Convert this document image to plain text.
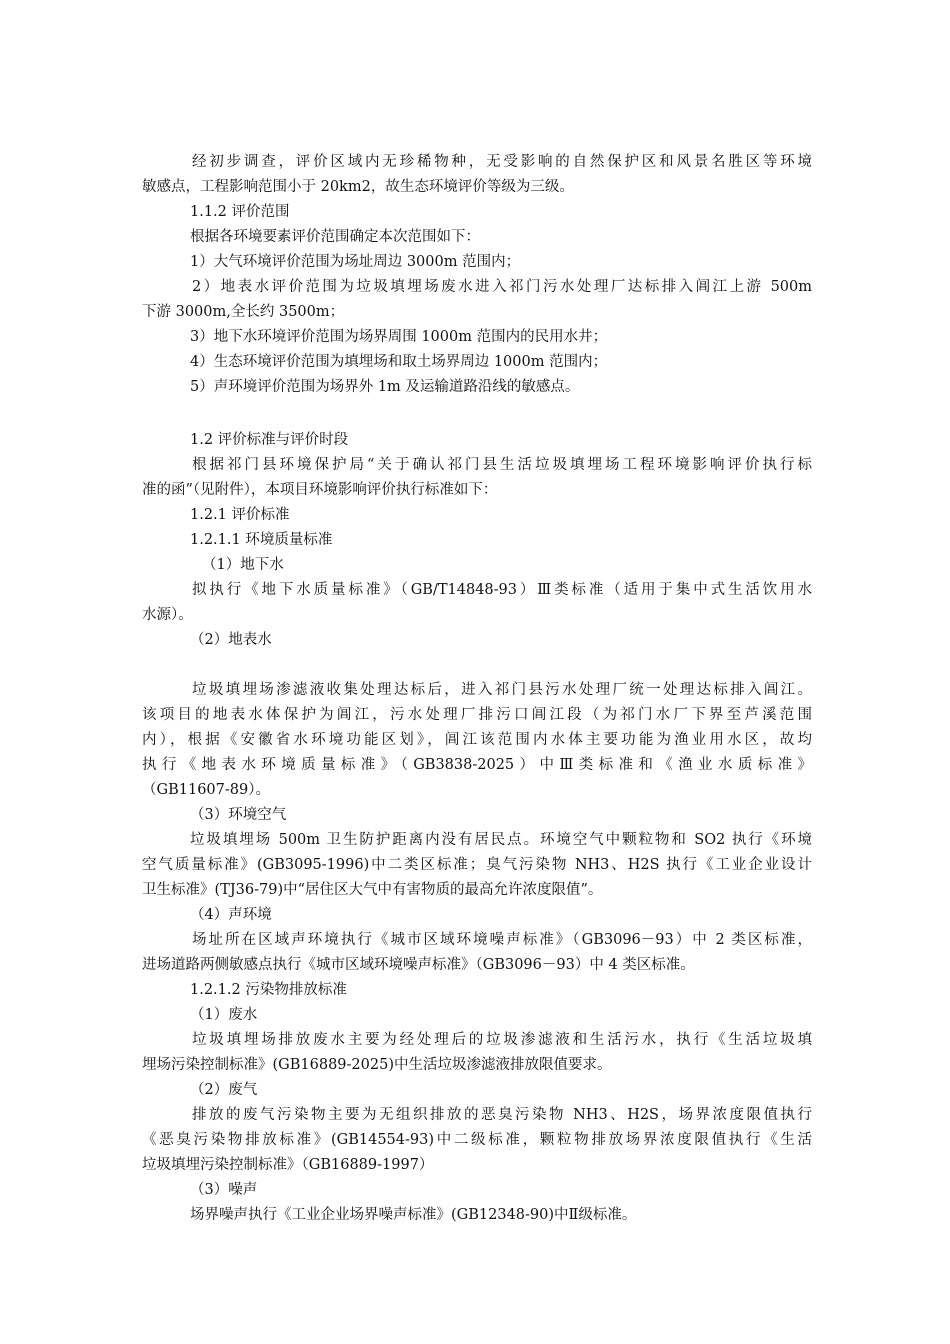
经初步调查，评价区域内无珍稀物种，无受影响的自然保护区和风景名胜区等环境
敏感点，工程影响范围小于 20km2，故生态环境评价等级为三级。
1.1.2 评价范围
根据各环境要素评价范围确定本次范围如下：
1）大气环境评价范围为场址周边 3000m 范围内；
2）地表水评价范围为垃圾填埋场废水进入祁门污水处理厂达标排入阊江上游 500m
下游 3000m,全长约 3500m；
3）地下水环境评价范围为场界周围 1000m 范围内的民用水井；
4）生态环境评价范围为填埋场和取土场界周边 1000m 范围内；
5）声环境评价范围为场界外 1m 及运输道路沿线的敏感点。
1.2 评价标准与评价时段
根据祁门县环境保护局“关于确认祁门县生活垃圾填埋场工程环境影响评价执行标
准的函”（见附件），本项目环境影响评价执行标准如下：
1.2.1 评价标准
1.2.1.1 环境质量标准
（1）地下水
拟执行《地下水质量标准》（GB/T14848-93）Ⅲ类标准（适用于集中式生活饮用水
水源）。
（2）地表水
垃圾填埋场渗滤液收集处理达标后，进入祁门县污水处理厂统一处理达标排入阊江。
该项目的地表水体保护为阊江，污水处理厂排污口阊江段（为祁门水厂下界至芦溪范围
内），根据《安徽省水环境功能区划》，阊江该范围内水体主要功能为渔业用水区，故均
执行《地表水环境质量标准》（GB3838-2025）中Ⅲ类标准和《渔业水质标准》
（GB11607-89）。
（3）环境空气
垃圾填埋场 500m 卫生防护距离内没有居民点。环境空气中颗粒物和 SO2 执行《环境
空气质量标准》(GB3095-1996)中二类区标准；臭气污染物 NH3、H2S 执行《工业企业设计
卫生标准》(TJ36-79)中“居住区大气中有害物质的最高允许浓度限值”。
（4）声环境
场址所在区域声环境执行《城市区域环境噪声标准》（GB3096－93）中 2 类区标准，
进场道路两侧敏感点执行《城市区域环境噪声标准》（GB3096－93）中 4 类区标准。
1.2.1.2 污染物排放标准
（1）废水
垃圾填埋场排放废水主要为经处理后的垃圾渗滤液和生活污水，执行《生活垃圾填
埋场污染控制标准》(GB16889-2025)中生活垃圾渗滤液排放限值要求。
（2）废气
排放的废气污染物主要为无组织排放的恶臭污染物 NH3、H2S，场界浓度限值执行
《恶臭污染物排放标准》(GB14554-93)中二级标准，颗粒物排放场界浓度限值执行《生活
垃圾填埋污染控制标准》（GB16889-1997）
（3）噪声
场界噪声执行《工业企业场界噪声标准》(GB12348-90)中Ⅱ级标准。
